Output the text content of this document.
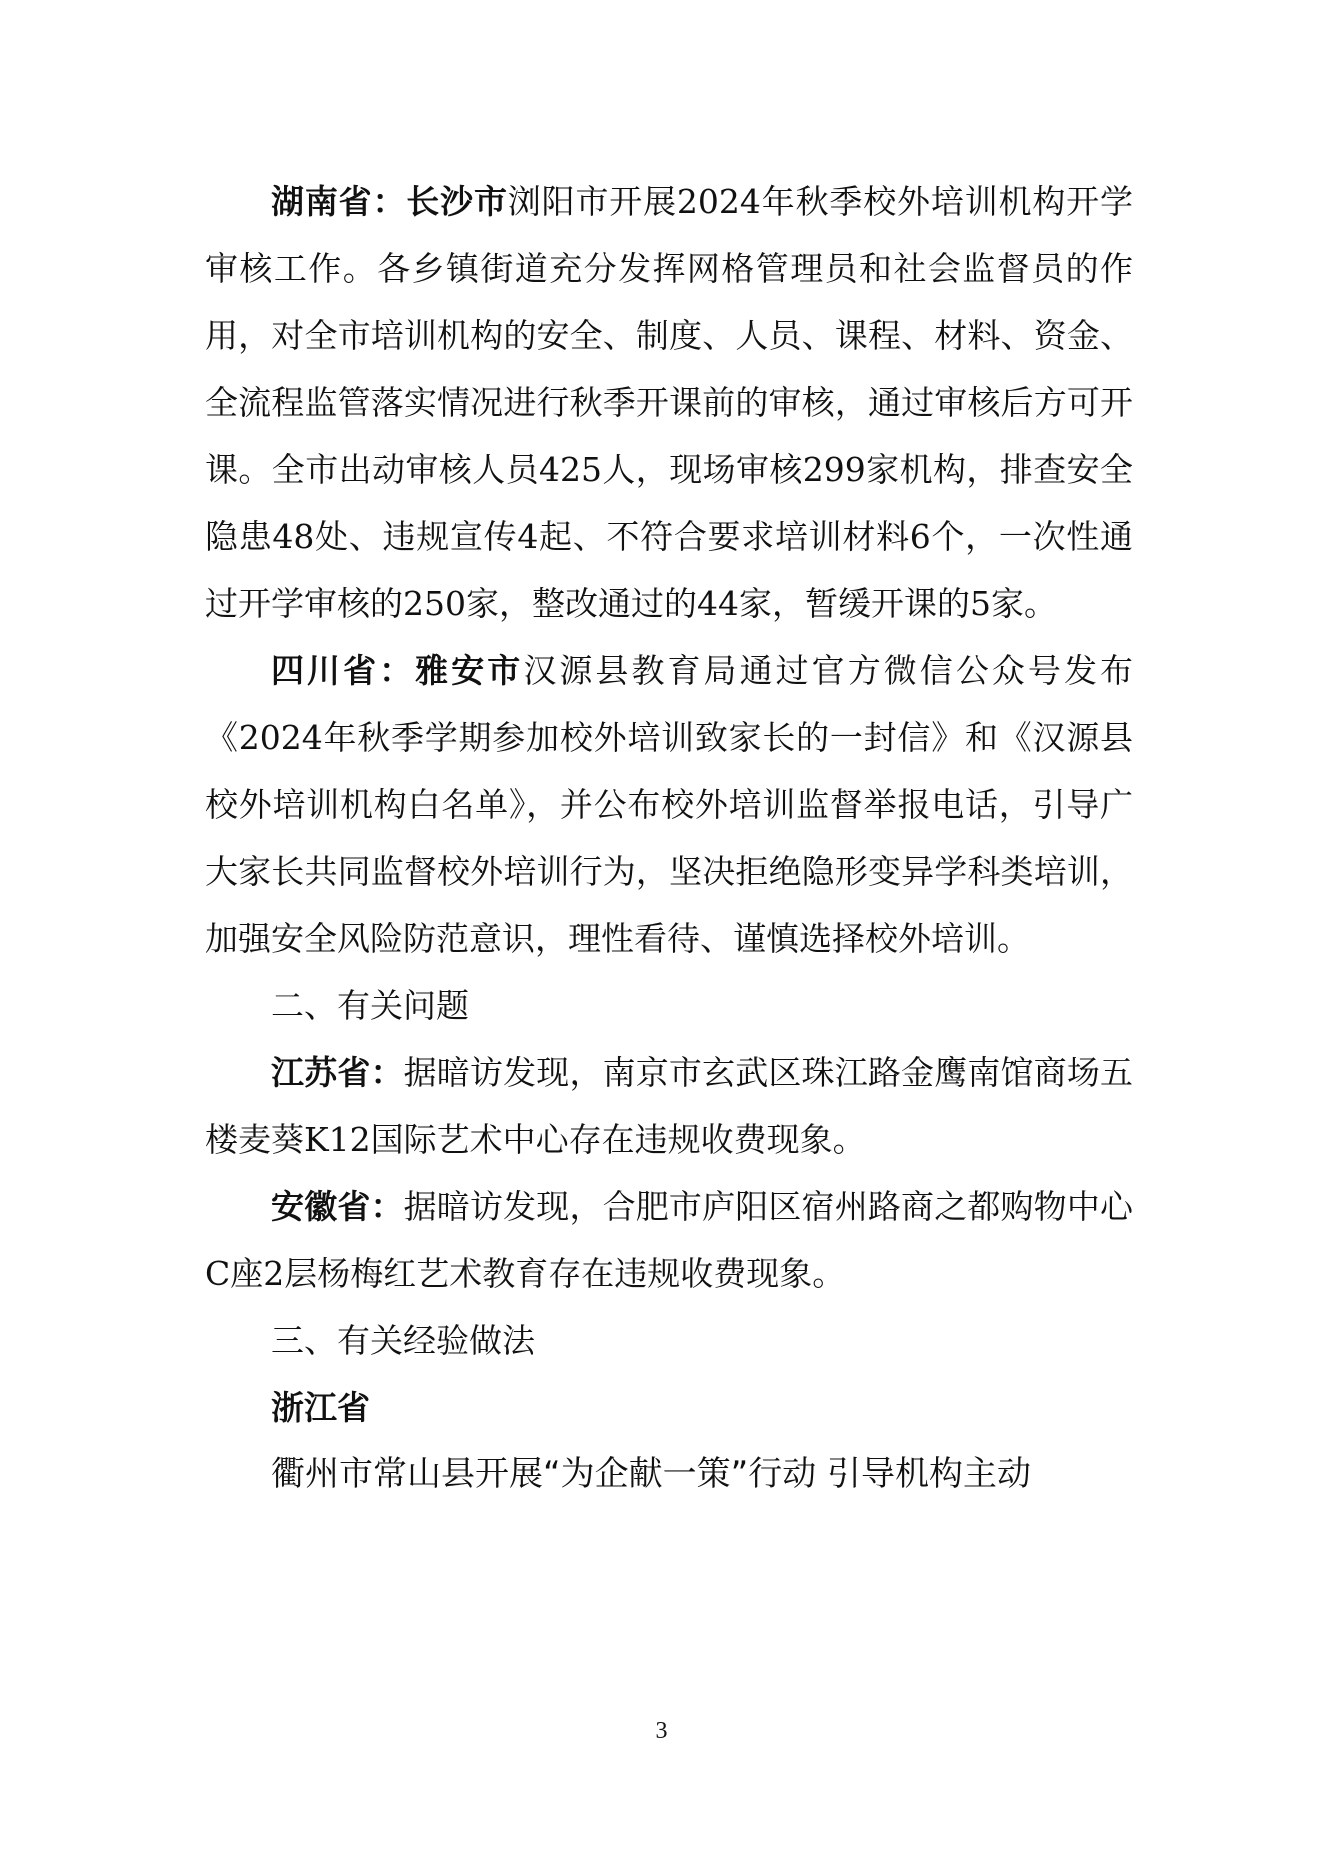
湖南省：长沙市浏阳市开展2024年秋季校外培训机构开学审核工作。各乡镇街道充分发挥网格管理员和社会监督员的作用，对全市培训机构的安全、制度、人员、课程、材料、资金、全流程监管落实情况进行秋季开课前的审核，通过审核后方可开课。全市出动审核人员425人，现场审核299家机构，排查安全隐患48处、违规宣传4起、不符合要求培训材料6个，一次性通过开学审核的250家，整改通过的44家，暂缓开课的5家。

四川省：雅安市汉源县教育局通过官方微信公众号发布《2024年秋季学期参加校外培训致家长的一封信》和《汉源县校外培训机构白名单》，并公布校外培训监督举报电话，引导广大家长共同监督校外培训行为，坚决拒绝隐形变异学科类培训，加强安全风险防范意识，理性看待、谨慎选择校外培训。

二、有关问题

江苏省：据暗访发现，南京市玄武区珠江路金鹰南馆商场五楼麦葵K12国际艺术中心存在违规收费现象。

安徽省：据暗访发现，合肥市庐阳区宿州路商之都购物中心C座2层杨梅红艺术教育存在违规收费现象。

三、有关经验做法

浙江省

衢州市常山县开展“为企献一策”行动 引导机构主动

3
